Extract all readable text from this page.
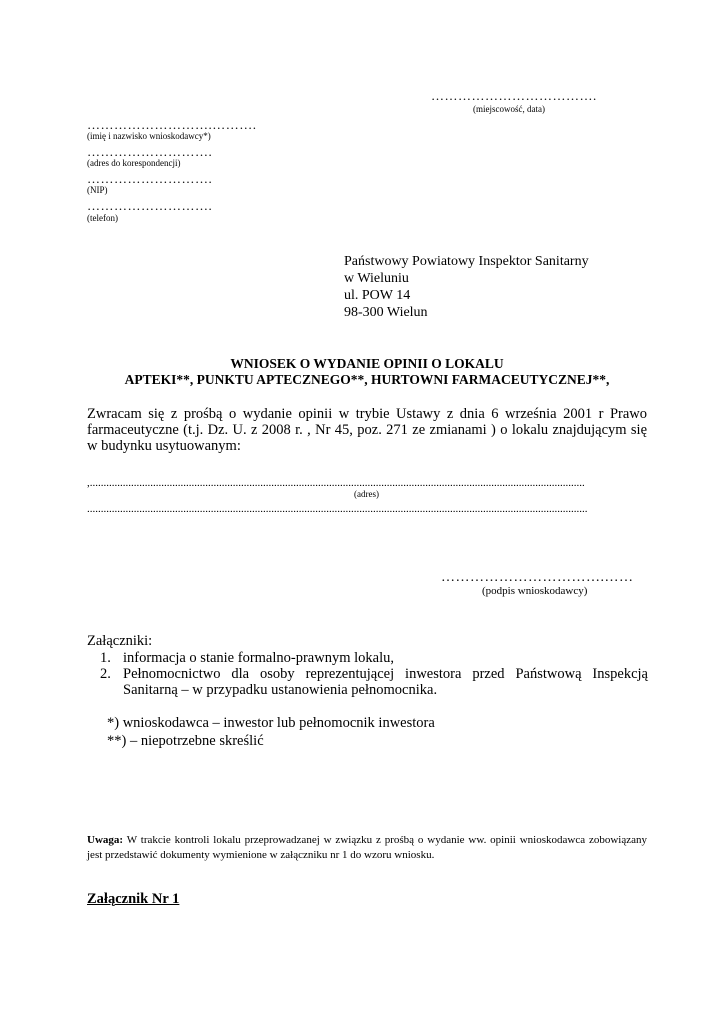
……………………………….
(miejscowość, data)
……………………….……….
(imię i nazwisko wnioskodawcy*)
……………………….
(adres do korespondencji)
……………………….
(NIP)
……………………….
(telefon)
Państwowy Powiatowy Inspektor Sanitarny
w Wieluniu
ul. POW 14
98-300 Wielun
WNIOSEK O WYDANIE OPINII O LOKALU
APTEKI**, PUNKTU APTECZNEGO**, HURTOWNI FARMACEUTYCZNEJ**,
Zwracam się z prośbą o wydanie opinii w trybie Ustawy z dnia 6 września 2001 r Prawo farmaceutyczne (t.j. Dz. U. z 2008 r. , Nr 45, poz. 271 ze zmianami ) o lokalu znajdującym się w budynku usytuowanym:
,....................................................................................................................................................................................
(adres)
......................................................................................................................................................................................
…………………………….……
(podpis wnioskodawcy)
Załączniki:
1. informacja o stanie formalno-prawnym lokalu,
2. Pełnomocnictwo dla osoby reprezentującej inwestora przed Państwową Inspekcją Sanitarną – w przypadku ustanowienia pełnomocnika.
*) wnioskodawca – inwestor lub pełnomocnik inwestora
**) – niepotrzebne skreślić
Uwaga: W trakcie kontroli lokalu przeprowadzanej w związku z prośbą o wydanie ww. opinii wnioskodawca zobowiązany jest przedstawić dokumenty wymienione w załączniku nr 1 do wzoru wniosku.
Załącznik Nr 1
